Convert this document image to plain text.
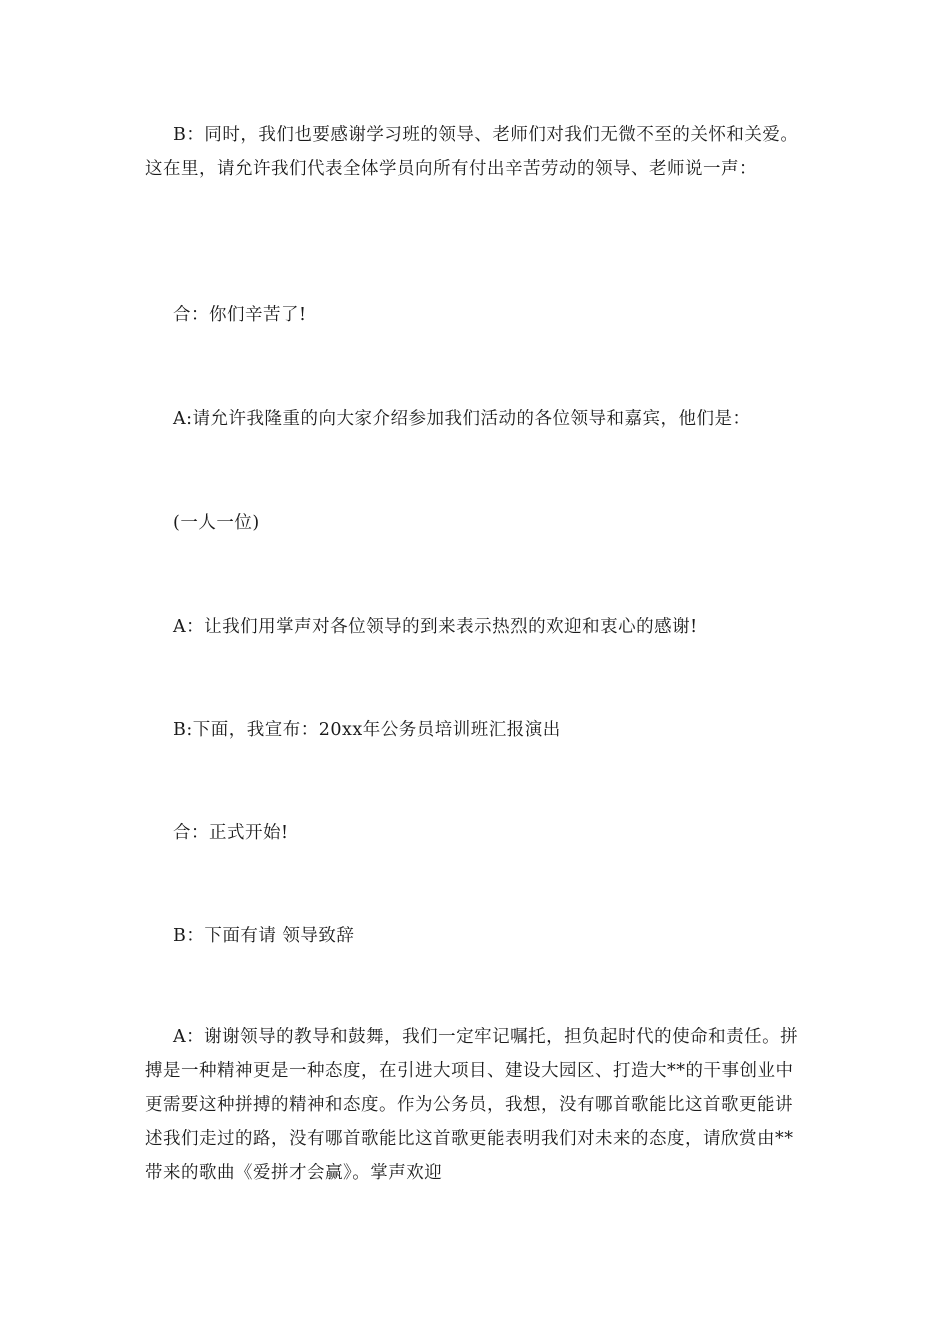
B：同时，我们也要感谢学习班的领导、老师们对我们无微不至的关怀和关爱。这在里，请允许我们代表全体学员向所有付出辛苦劳动的领导、老师说一声：

合：你们辛苦了!

A:请允许我隆重的向大家介绍参加我们活动的各位领导和嘉宾，他们是：

(一人一位)

A：让我们用掌声对各位领导的到来表示热烈的欢迎和衷心的感谢!

B:下面，我宣布：20xx年公务员培训班汇报演出

合：正式开始!

B：下面有请 领导致辞

A：谢谢领导的教导和鼓舞，我们一定牢记嘱托，担负起时代的使命和责任。拼搏是一种精神更是一种态度，在引进大项目、建设大园区、打造大**的干事创业中更需要这种拼搏的精神和态度。作为公务员，我想，没有哪首歌能比这首歌更能讲述我们走过的路，没有哪首歌能比这首歌更能表明我们对未来的态度，请欣赏由**带来的歌曲《爱拼才会赢》。掌声欢迎
